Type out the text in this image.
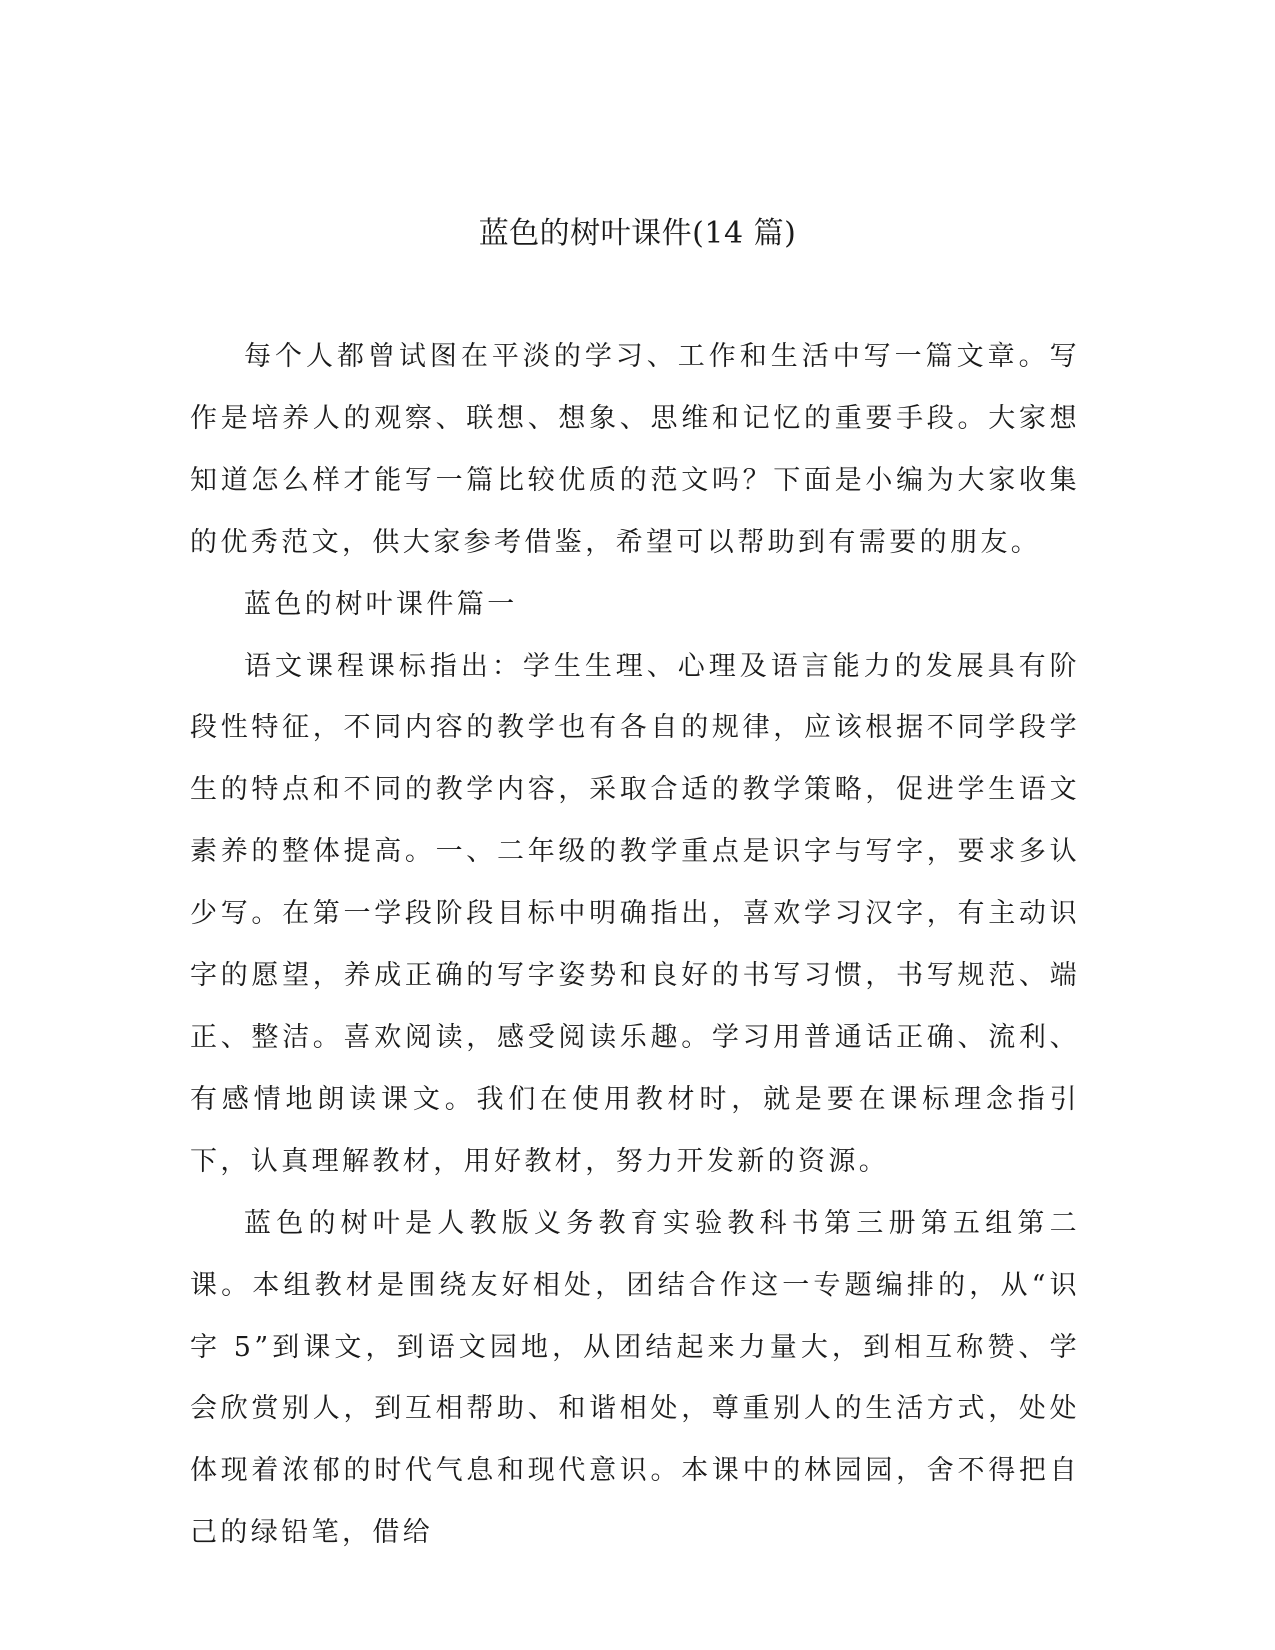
蓝色的树叶课件(14 篇)

每个人都曾试图在平淡的学习、工作和生活中写一篇文章。写作是培养人的观察、联想、想象、思维和记忆的重要手段。大家想知道怎么样才能写一篇比较优质的范文吗？下面是小编为大家收集的优秀范文，供大家参考借鉴，希望可以帮助到有需要的朋友。

蓝色的树叶课件篇一

语文课程课标指出：学生生理、心理及语言能力的发展具有阶段性特征，不同内容的教学也有各自的规律，应该根据不同学段学生的特点和不同的教学内容，采取合适的教学策略，促进学生语文素养的整体提高。一、二年级的教学重点是识字与写字，要求多认少写。在第一学段阶段目标中明确指出，喜欢学习汉字，有主动识字的愿望，养成正确的写字姿势和良好的书写习惯，书写规范、端正、整洁。喜欢阅读，感受阅读乐趣。学习用普通话正确、流利、有感情地朗读课文。我们在使用教材时，就是要在课标理念指引下，认真理解教材，用好教材，努力开发新的资源。

蓝色的树叶是人教版义务教育实验教科书第三册第五组第二课。本组教材是围绕友好相处，团结合作这一专题编排的，从“识字 5”到课文，到语文园地，从团结起来力量大，到相互称赞、学会欣赏别人，到互相帮助、和谐相处，尊重别人的生活方式，处处体现着浓郁的时代气息和现代意识。本课中的林园园，舍不得把自己的绿铅笔，借给
